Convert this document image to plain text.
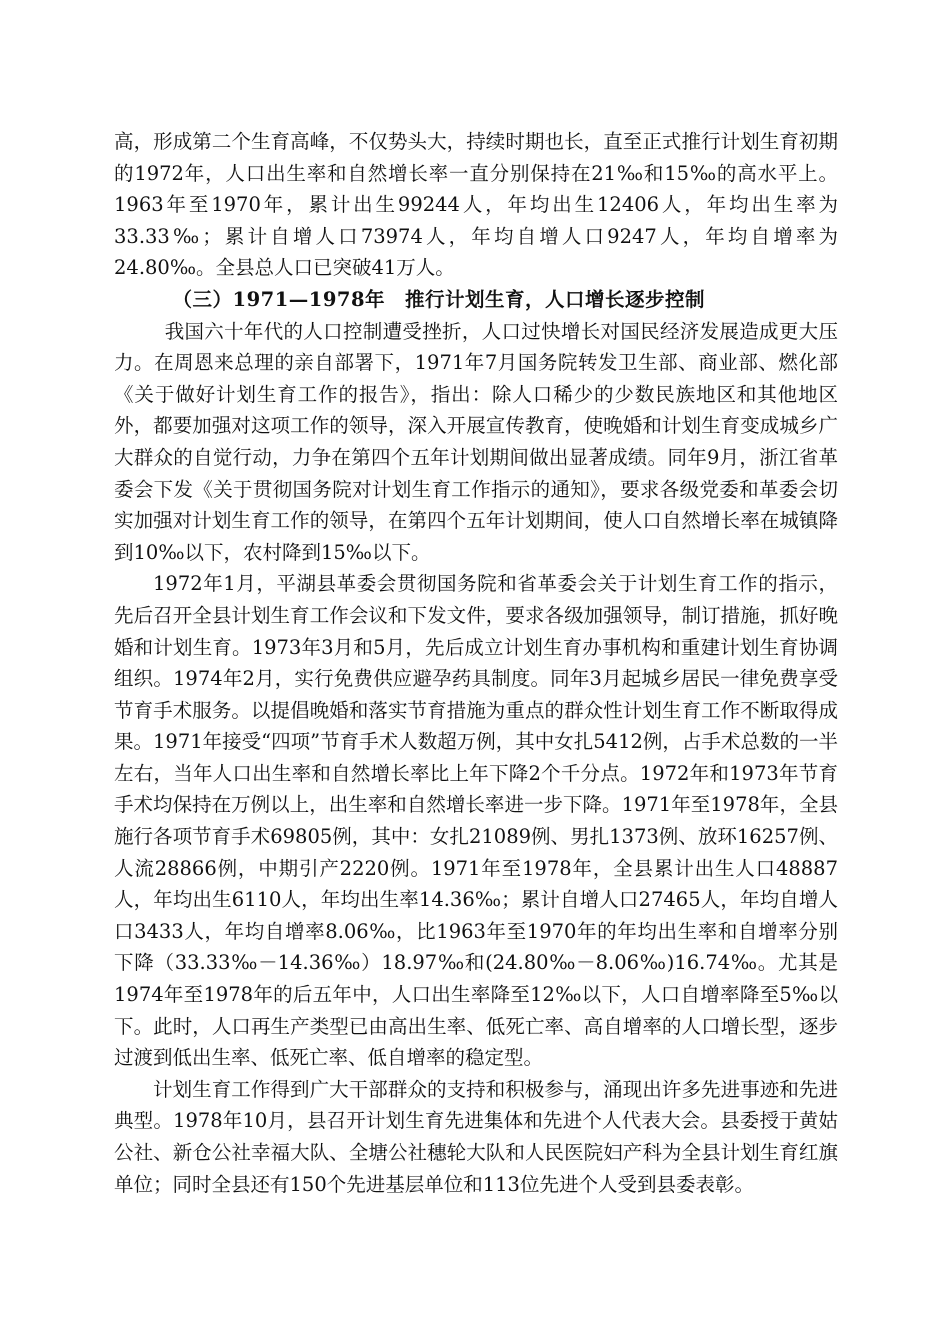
高，形成第二个生育高峰，不仅势头大，持续时期也长，直至正式推行计划生育初期的1972年，人口出生率和自然增长率一直分别保持在21‰和15‰的高水平上。1963年至1970年，累计出生99244人，年均出生12406人，年均出生率为33.33‰；累计自增人口73974人，年均自增人口9247人，年均自增率为24.80‰。全县总人口已突破41万人。

（三）1971—1978年　推行计划生育，人口增长逐步控制

我国六十年代的人口控制遭受挫折，人口过快增长对国民经济发展造成更大压力。在周恩来总理的亲自部署下，1971年7月国务院转发卫生部、商业部、燃化部《关于做好计划生育工作的报告》，指出：除人口稀少的少数民族地区和其他地区外，都要加强对这项工作的领导，深入开展宣传教育，使晚婚和计划生育变成城乡广大群众的自觉行动，力争在第四个五年计划期间做出显著成绩。同年9月，浙江省革委会下发《关于贯彻国务院对计划生育工作指示的通知》，要求各级党委和革委会切实加强对计划生育工作的领导，在第四个五年计划期间，使人口自然增长率在城镇降到10‰以下，农村降到15‰以下。

1972年1月，平湖县革委会贯彻国务院和省革委会关于计划生育工作的指示，先后召开全县计划生育工作会议和下发文件，要求各级加强领导，制订措施，抓好晚婚和计划生育。1973年3月和5月，先后成立计划生育办事机构和重建计划生育协调组织。1974年2月，实行免费供应避孕药具制度。同年3月起城乡居民一律免费享受节育手术服务。以提倡晚婚和落实节育措施为重点的群众性计划生育工作不断取得成果。1971年接受“四项”节育手术人数超万例，其中女扎5412例，占手术总数的一半左右，当年人口出生率和自然增长率比上年下降2个千分点。1972年和1973年节育手术均保持在万例以上，出生率和自然增长率进一步下降。1971年至1978年，全县施行各项节育手术69805例，其中：女扎21089例、男扎1373例、放环16257例、人流28866例，中期引产2220例。1971年至1978年，全县累计出生人口48887人，年均出生6110人，年均出生率14.36‰；累计自增人口27465人，年均自增人口3433人，年均自增率8.06‰，比1963年至1970年的年均出生率和自增率分别下降（33.33‰－14.36‰）18.97‰和(24.80‰－8.06‰)16.74‰。尤其是1974年至1978年的后五年中，人口出生率降至12‰以下，人口自增率降至5‰以下。此时，人口再生产类型已由高出生率、低死亡率、高自增率的人口增长型，逐步过渡到低出生率、低死亡率、低自增率的稳定型。

计划生育工作得到广大干部群众的支持和积极参与，涌现出许多先进事迹和先进典型。1978年10月，县召开计划生育先进集体和先进个人代表大会。县委授于黄姑公社、新仓公社幸福大队、全塘公社穗轮大队和人民医院妇产科为全县计划生育红旗单位；同时全县还有150个先进基层单位和113位先进个人受到县委表彰。
